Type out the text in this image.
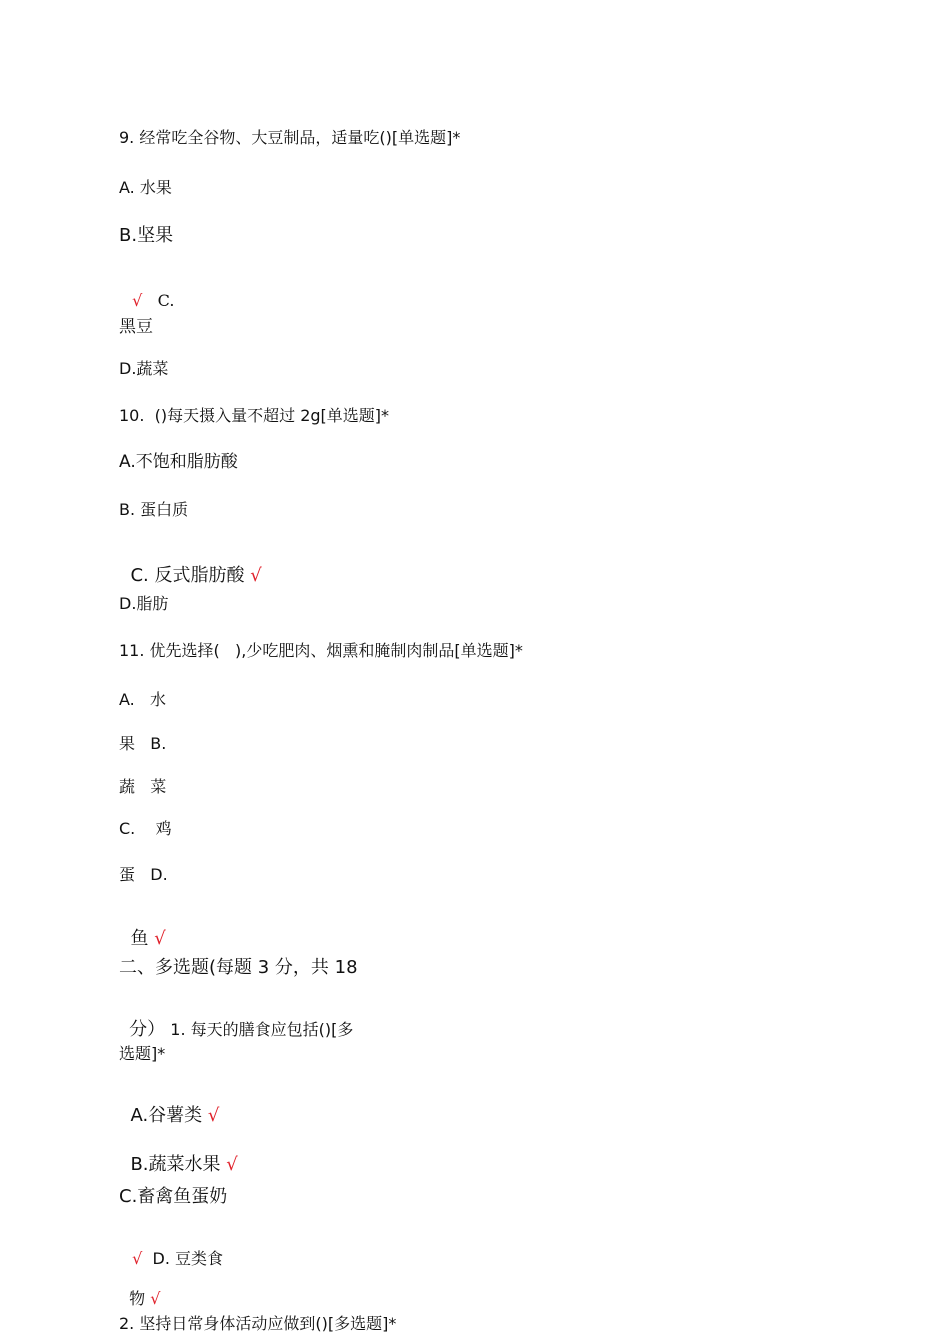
9. 经常吃全谷物、大豆制品，适量吃()[单选题]*
A. 水果
B.坚果

√ C.

黑豆
D.蔬菜
10.  ()每天摄入量不超过 2g[单选题]*
A.不饱和脂肪酸
B. 蛋白质

C. 反式脂肪酸 √

D.脂肪
11. 优先选择(   ),少吃肥肉、烟熏和腌制肉制品[单选题]*
A.   水
果   B.
蔬   菜
C.    鸡
蛋   D.

鱼 √

二、多选题(每题 3 分，共 18

分） 1. 每天的膳食应包括()[多

选题]*

A.谷薯类 √

B.蔬菜水果 √

C.畜禽鱼蛋奶

√ D. 豆类食

物 √

2. 坚持日常身体活动应做到()[多选题]*
